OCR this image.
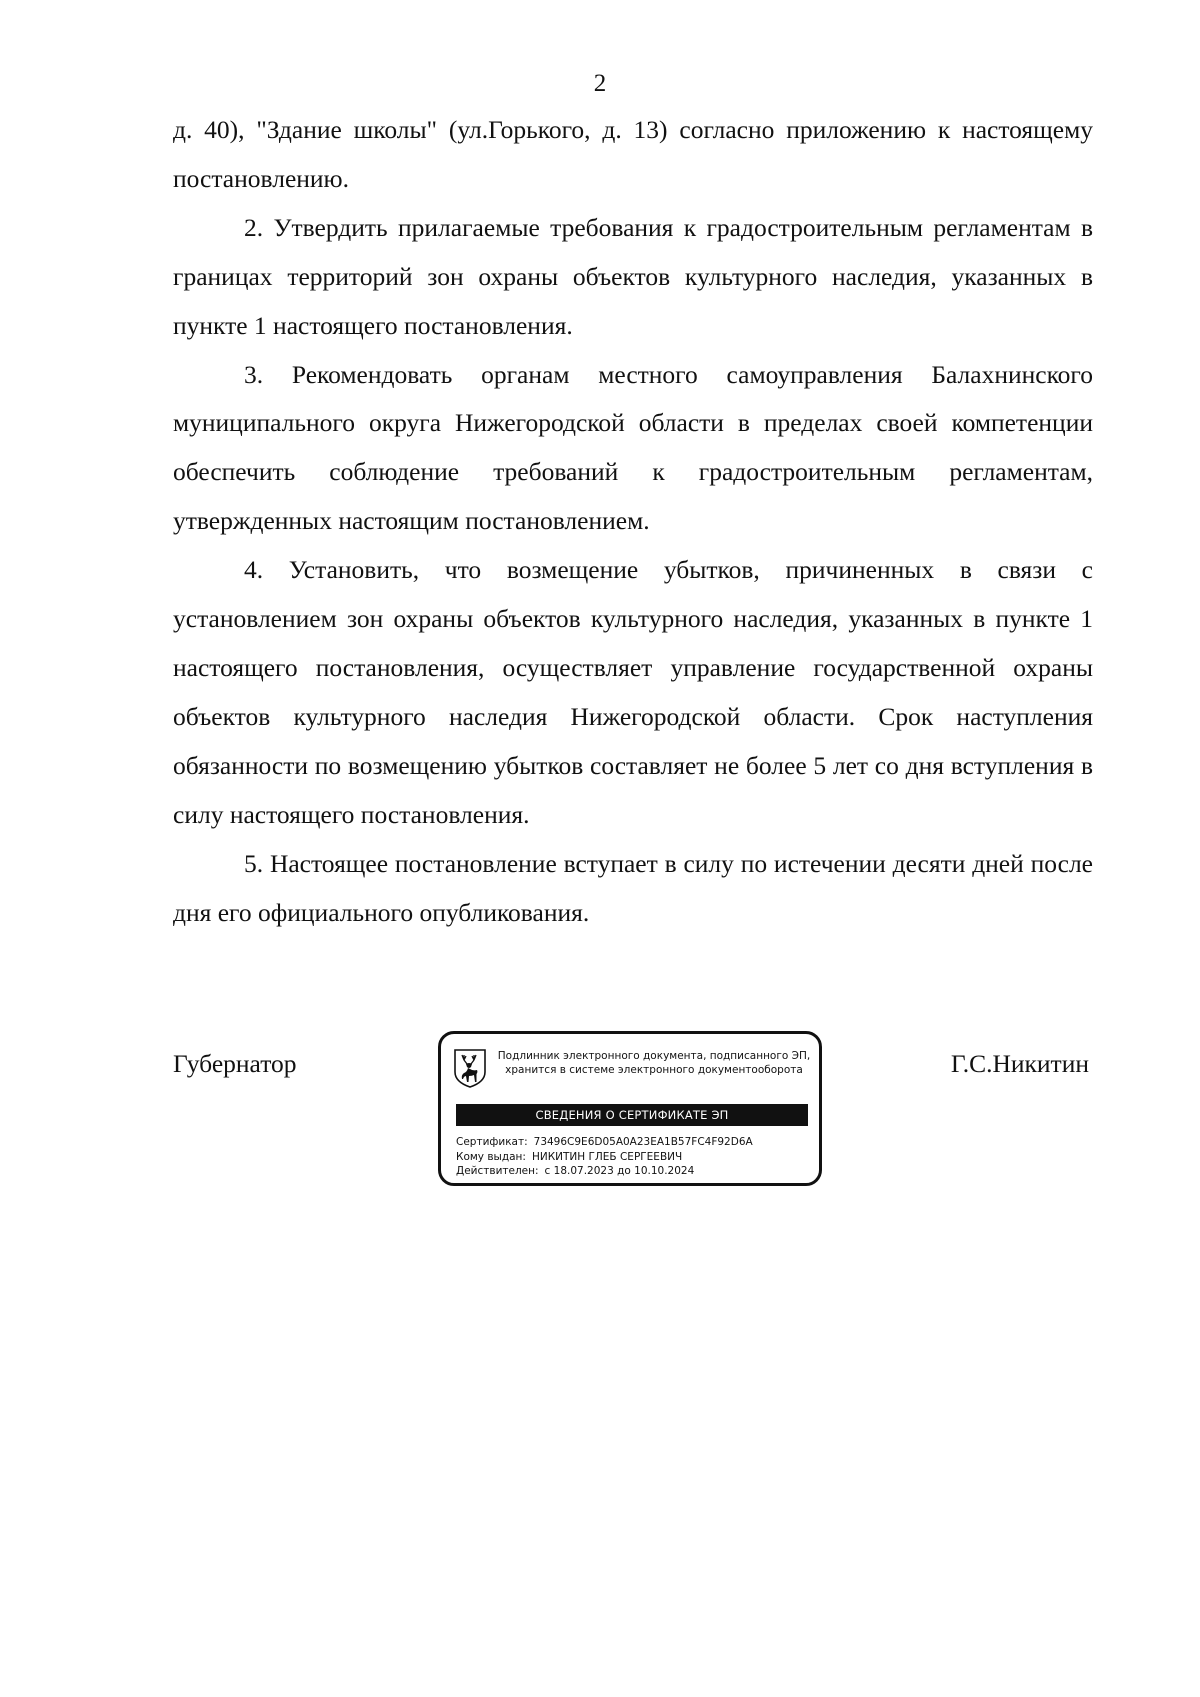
2

д. 40), "Здание школы" (ул.Горького, д. 13) согласно приложению к настоящему постановлению.

2. Утвердить прилагаемые требования к градостроительным регламентам в границах территорий зон охраны объектов культурного наследия, указанных в пункте 1 настоящего постановления.

3. Рекомендовать органам местного самоуправления Балахнинского муниципального округа Нижегородской области в пределах своей компетенции обеспечить соблюдение требований к градостроительным регламентам, утвержденных настоящим постановлением.

4. Установить, что возмещение убытков, причиненных в связи с установлением зон охраны объектов культурного наследия, указанных в пункте 1 настоящего постановления, осуществляет управление государственной охраны объектов культурного наследия Нижегородской области. Срок наступления обязанности по возмещению убытков составляет не более 5 лет со дня вступления в силу настоящего постановления.

5. Настоящее постановление вступает в силу по истечении десяти дней после дня его официального опубликования.

Губернатор	Г.С.Никитин
Подлинник электронного документа, подписанного ЭП,
хранится в системе электронного документооборота
СВЕДЕНИЯ О СЕРТИФИКАТЕ ЭП
Сертификат: 73496C9E6D05A0A23EA1B57FC4F92D6A
Кому выдан: НИКИТИН ГЛЕБ СЕРГЕЕВИЧ
Действителен: с 18.07.2023 до 10.10.2024
